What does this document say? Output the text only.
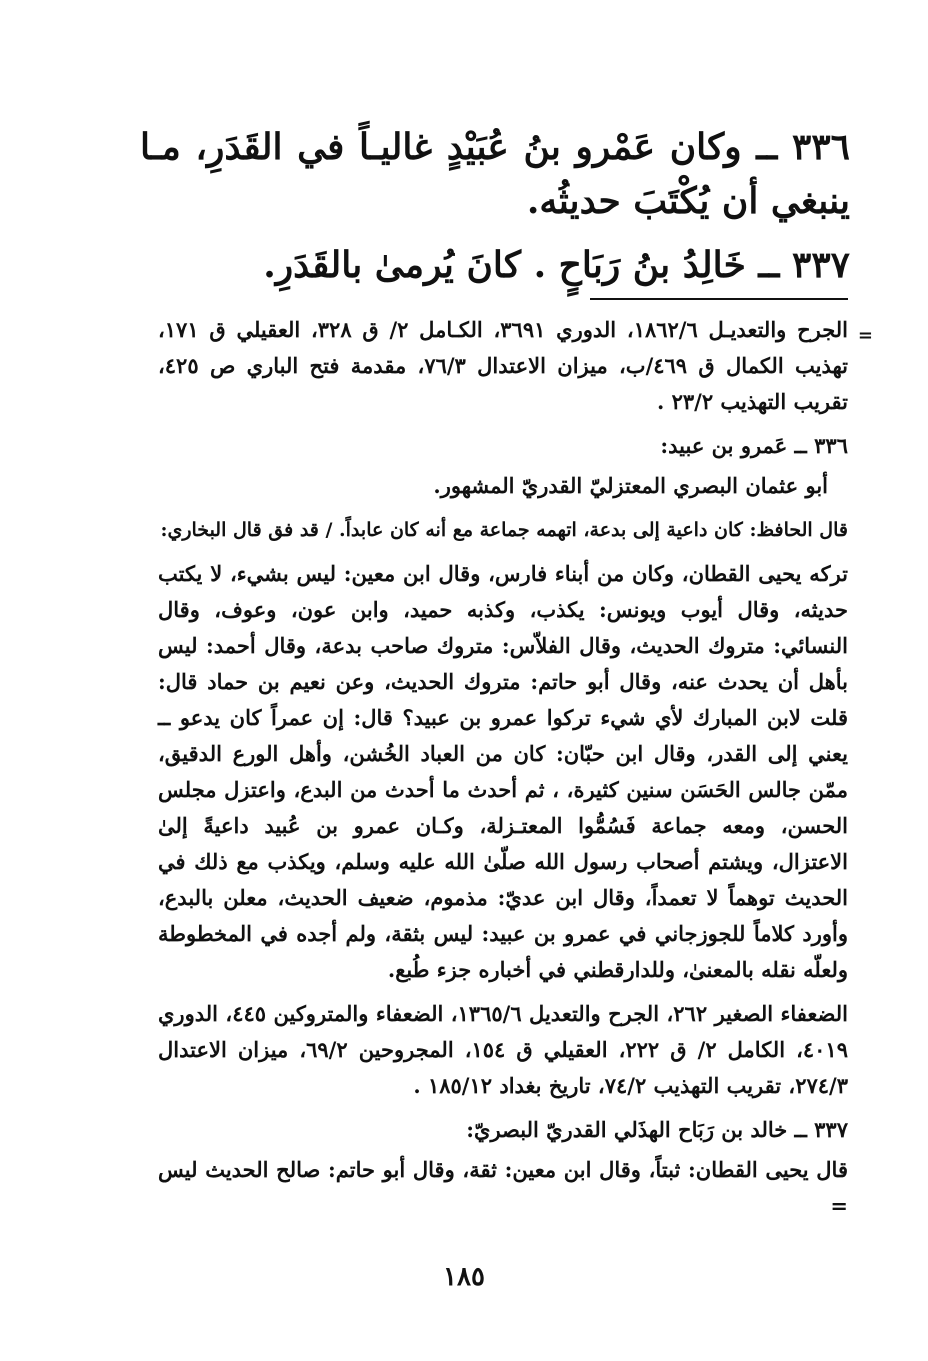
٣٣٦ ــ وكان عَمْرو بنُ عُبَيْدٍ غاليـاً في القَدَرِ، مـا ينبغي أن يُكْتَبَ حديثُه.

٣٣٧ ــ خَالِدُ بنُ رَبَاحٍ . كانَ يُرمىٰ بالقَدَرِ.

=
الجرح والتعديـل ١٨٦٢/٦، الدوري ٣٦٩١، الكـامل ٢/ ق ٣٢٨، العقيلي ق ١٧١، تهذيب الكمال ق ٤٦٩/ب، ميزان الاعتدال ٧٦/٣، مقدمة فتح الباري ص ٤٢٥، تقريب التهذيب ٢٣/٢ .

٣٣٦ ــ عَمرو بن عبيد:

أبو عثمان البصري المعتزليّ القدريّ المشهور.

قال الحافظ: كان داعية إلى بدعة، اتهمه جماعة مع أنه كان عابداً. / قد فق قال البخاري:

تركه يحيى القطان، وكان من أبناء فارس، وقال ابن معين: ليس بشيء، لا يكتب حديثه، وقال أيوب ويونس: يكذب، وكذبه حميد، وابن عون، وعوف، وقال النسائي: متروك الحديث، وقال الفلاّس: متروك صاحب بدعة، وقال أحمد: ليس بأهل أن يحدث عنه، وقال أبو حاتم: متروك الحديث، وعن نعيم بن حماد قال: قلت لابن المبارك لأي شيء تركوا عمرو بن عبيد؟ قال: إن عمراً كان يدعو ــ يعني إلى القدر، وقال ابن حبّان: كان من العباد الخُشن، وأهل الورع الدقيق، ممّن جالس الحَسَن سنين كثيرة، ، ثم أحدث ما أحدث من البدع، واعتزل مجلس الحسن، ومعه جماعة فَسُمُّوا المعتـزلة، وكـان عمرو بن عُبيد داعيةً إلىٰ الاعتزال، ويشتم أصحاب رسول الله صلّىٰ الله عليه وسلم، ويكذب مع ذلك في الحديث توهماً لا تعمداً، وقال ابن عديّ: مذموم، ضعيف الحديث، معلن بالبدع، وأورد كلاماً للجوزجاني في عمرو بن عبيد: ليس بثقة، ولم أجده في المخطوطة ولعلّه نقله بالمعنىٰ، وللدارقطني في أخباره جزء طُبع.

الضعفاء الصغير ٢٦٢، الجرح والتعديل ١٣٦٥/٦، الضعفاء والمتروكين ٤٤٥، الدوري ٤٠١٩، الكامل ٢/ ق ٢٢٢، العقيلي ق ١٥٤، المجروحين ٦٩/٢، ميزان الاعتدال ٢٧٤/٣، تقريب التهذيب ٧٤/٢، تاريخ بغداد ١٨٥/١٢ .

٣٣٧ ــ خالد بن رَبَاح الهذَلي القدريّ البصريّ:

قال يحيى القطان: ثبتاً، وقال ابن معين: ثقة، وقال أبو حاتم: صالح الحديث ليس =

١٨٥
